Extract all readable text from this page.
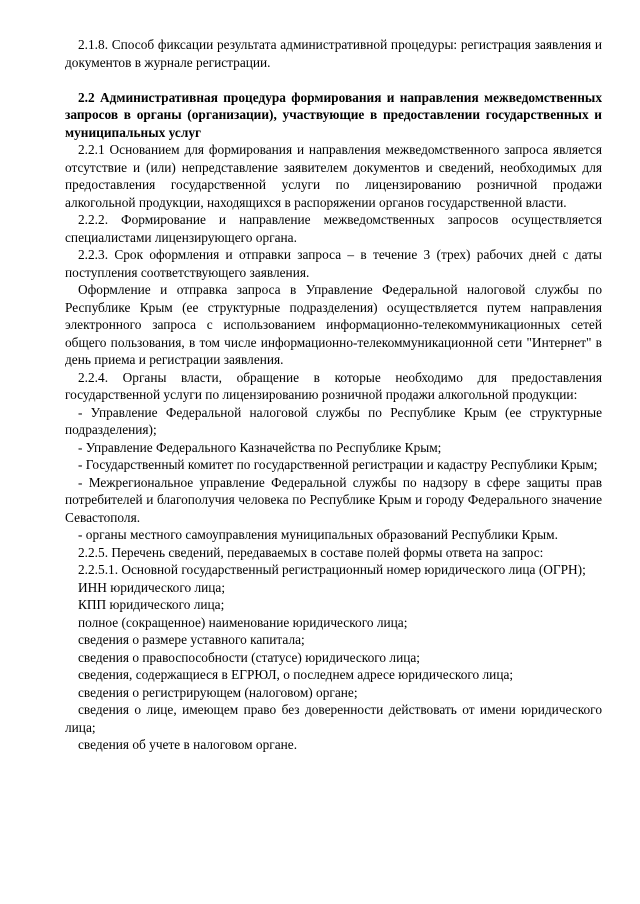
2.1.8. Способ фиксации результата административной процедуры: регистрация заявления и документов в журнале регистрации.

2.2 Административная процедура формирования и направления межведомственных запросов в органы (организации), участвующие в предоставлении государственных и муниципальных услуг

2.2.1 Основанием для формирования и направления межведомственного запроса является отсутствие и (или) непредставление заявителем документов и сведений, необходимых для предоставления государственной услуги по лицензированию розничной продажи алкогольной продукции, находящихся в распоряжении органов государственной власти.

2.2.2. Формирование и направление межведомственных запросов осуществляется специалистами лицензирующего органа.

2.2.3. Срок оформления и отправки запроса – в течение 3 (трех) рабочих дней с даты поступления соответствующего заявления.

Оформление и отправка запроса в Управление Федеральной налоговой службы по Республике Крым (ее структурные подразделения) осуществляется путем направления электронного запроса с использованием информационно-телекоммуникационных сетей общего пользования, в том числе информационно-телекоммуникационной сети "Интернет" в день приема и регистрации заявления.

2.2.4. Органы власти, обращение в которые необходимо для предоставления государственной услуги по лицензированию розничной продажи алкогольной продукции:

- Управление Федеральной налоговой службы по Республике Крым (ее структурные подразделения);

- Управление Федерального Казначейства по Республике Крым;

- Государственный комитет по государственной регистрации и кадастру Республики Крым;

- Межрегиональное управление Федеральной службы по надзору в сфере защиты прав потребителей и благополучия человека по Республике Крым и городу Федерального значение Севастополя.

- органы местного самоуправления муниципальных образований Республики Крым.

2.2.5. Перечень сведений, передаваемых в составе полей формы ответа на запрос:

2.2.5.1. Основной государственный регистрационный номер юридического лица (ОГРН);

ИНН юридического лица;

КПП юридического лица;

полное (сокращенное) наименование юридического лица;

сведения о размере уставного капитала;

сведения о правоспособности (статусе) юридического лица;

сведения, содержащиеся в ЕГРЮЛ, о последнем адресе юридического лица;

сведения о регистрирующем (налоговом) органе;

сведения о лице, имеющем право без доверенности действовать от имени юридического лица;

сведения об учете в налоговом органе.
